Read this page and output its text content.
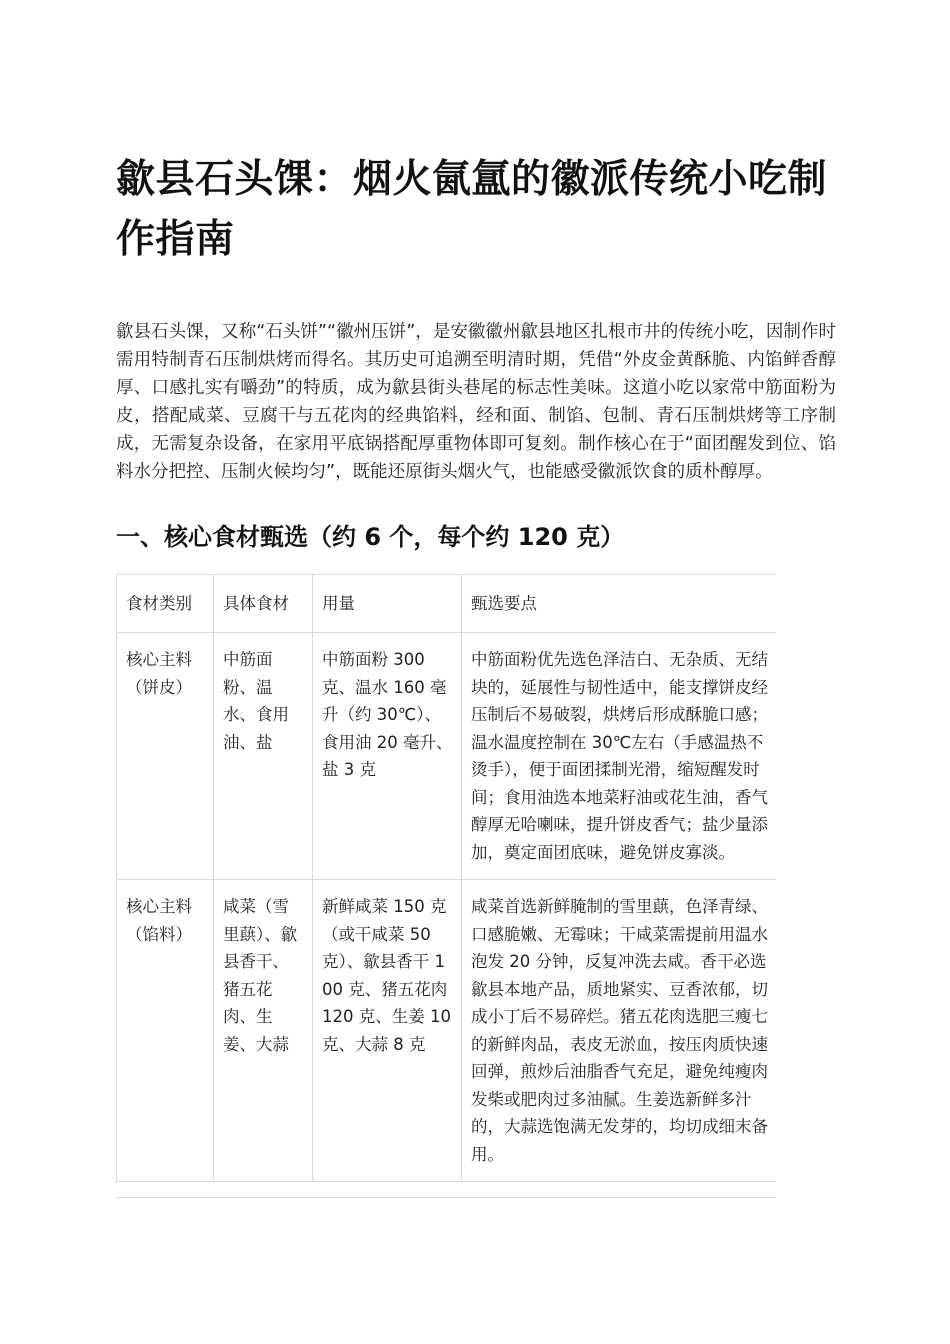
歙县石头馃：烟火氤氲的徽派传统小吃制作指南

歙县石头馃，又称“石头饼”“徽州压饼”，是安徽徽州歙县地区扎根市井的传统小吃，因制作时需用特制青石压制烘烤而得名。其历史可追溯至明清时期，凭借“外皮金黄酥脆、内馅鲜香醇厚、口感扎实有嚼劲”的特质，成为歙县街头巷尾的标志性美味。这道小吃以家常中筋面粉为皮，搭配咸菜、豆腐干与五花肉的经典馅料，经和面、制馅、包制、青石压制烘烤等工序制成，无需复杂设备，在家用平底锅搭配厚重物体即可复刻。制作核心在于“面团醒发到位、馅料水分把控、压制火候均匀”，既能还原街头烟火气，也能感受徽派饮食的质朴醇厚。

一、核心食材甄选（约 6 个，每个约 120 克）
食材类别	具体食材	用量	甄选要点
核心主料（饼皮）	中筋面粉、温水、食用油、盐	中筋面粉 300 克、温水 160 毫升（约 30℃）、食用油 20 毫升、盐 3 克	中筋面粉优先选色泽洁白、无杂质、无结块的，延展性与韧性适中，能支撑饼皮经压制后不易破裂，烘烤后形成酥脆口感；温水温度控制在 30℃左右（手感温热不烫手），便于面团揉制光滑，缩短醒发时间；食用油选本地菜籽油或花生油，香气醇厚无哈喇味，提升饼皮香气；盐少量添加，奠定面团底味，避免饼皮寡淡。
核心主料（馅料）	咸菜（雪里蕻）、歙县香干、猪五花肉、生姜、大蒜	新鲜咸菜 150 克（或干咸菜 50 克）、歙县香干 100 克、猪五花肉 120 克、生姜 10 克、大蒜 8 克	咸菜首选新鲜腌制的雪里蕻，色泽青绿、口感脆嫩、无霉味；干咸菜需提前用温水泡发 20 分钟，反复冲洗去咸。香干必选歙县本地产品，质地紧实、豆香浓郁，切成小丁后不易碎烂。猪五花肉选肥三瘦七的新鲜肉品，表皮无淤血，按压肉质快速回弹，煎炒后油脂香气充足，避免纯瘦肉发柴或肥肉过多油腻。生姜选新鲜多汁的，大蒜选饱满无发芽的，均切成细末备用。
